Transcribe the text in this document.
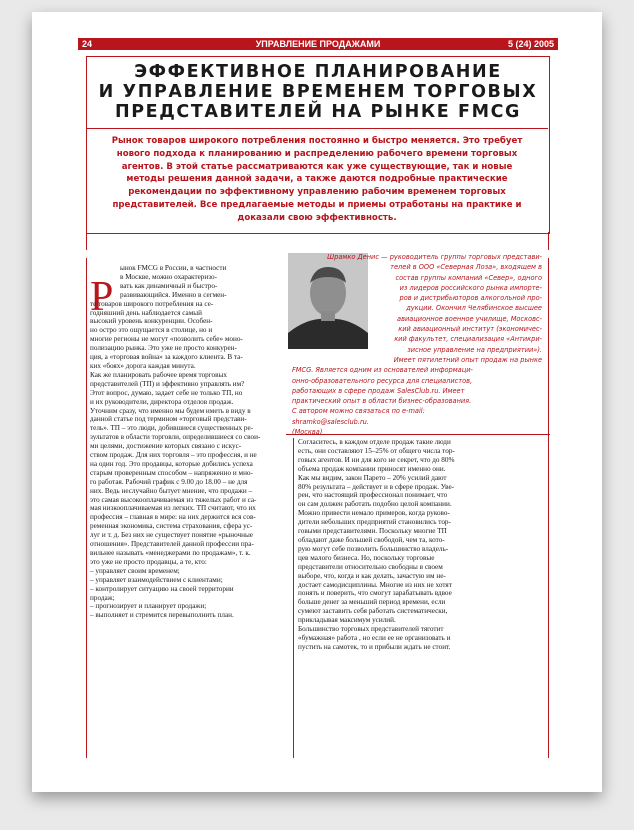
24	УПРАВЛЕНИЕ ПРОДАЖАМИ	5 (24) 2005
ЭФФЕКТИВНОЕ ПЛАНИРОВАНИЕ
И УПРАВЛЕНИЕ ВРЕМЕНЕМ ТОРГОВЫХ
ПРЕДСТАВИТЕЛЕЙ НА РЫНКЕ FMCG

Рынок товаров широкого потребления постоянно и быстро меняется. Это требует
нового подхода к планированию и распределению рабочего времени торговых
агентов. В этой статье рассматриваются как уже существующие, так и новые
методы решения данной задачи, а также даются подробные практические
рекомендации по эффективному управлению рабочим временем торговых
представителей. Все предлагаемые методы и приемы отработаны на практике и
доказали свою эффективность.

Шрамко Денис — руководитель группы торговых представи-
телей в ООО «Северная Лоза», входящем в
состав группы компаний «Север», одного
из лидеров российского рынка импорте-
ров и дистрибьюторов алкогольной про-
дукции. Окончил Челябинское высшее
авиационное военное училище, Московс-
кий авиационный институт (экономичес-
кий факультет, специализация «Антикри-
зисное управление на предприятии»).
Имеет пятилетний опыт продаж на рынке
FMCG. Является одним из основателей информаци-
онно-образовательного ресурса для специалистов,
работающих в сфере продаж SalesClub.ru. Имеет
практический опыт в области бизнес-образования.
С автором можно связаться по e-mail:
shramko@salesclub.ru.
(Москва)

Р

ынок FMCG в России, в частности
в Москве, можно охарактеризо-
вать как динамичный и быстро-
развивающийся. Именно в сегмен-
те товаров широкого потребления на се-
годняшний день наблюдается самый
высокий уровень конкуренции. Особен-
но остро это ощущается в столице, но и
многие регионы не могут «позволить себе» моно-
полизацию рынка. Это уже не просто конкурен-
ция, а «торговая война» за каждого клиента. В та-
ких «боях» дорога каждая минута.
Как же планировать рабочее время торговых
представителей (ТП) и эффективно управлять им?
Этот вопрос, думаю, задает себе не только ТП, но
и их руководители, директора отделов продаж.
Уточним сразу, что именно мы будем иметь в виду в
данной статье под термином «торговый представи-
тель». ТП – это люди, добившиеся существенных ре-
зультатов в области торговли, определившиеся со свои-
ми целями, достижение которых связано с искус-
ством продаж. Для них торговля – это профессия, и не
на один год. Это продавцы, которые добились успеха
старым проверенным способом – напряженно и мно-
го работая. Рабочий график с 9.00 до 18.00 – не для
них. Ведь неслучайно бытует мнение, что продажи –
это самая высокооплачиваемая из тяжелых работ и са-
мая низкооплачиваемая из легких. ТП считают, что их
профессия – главная в мире: на них держится вся сов-
ременная экономика, система страхования, сфера ус-
луг и т. д. Без них не существует понятие «рыночные
отношения». Представителей данной профессии пра-
вильнее называть «менеджерами по продажам», т. к.
это уже не просто продавцы, а те, кто:
– управляет своим временем;
– управляет взаимодействием с клиентами;
– контролирует ситуацию на своей территории
продаж;
– прогнозирует и планирует продажи;
– выполняет и стремится перевыполнить план.

Согласитесь, в каждом отделе продаж такие люди
есть, они составляют 15–25% от общего числа тор-
говых агентов. И ни для кого не секрет, что до 80%
объема продаж компании приносят именно они.
Как мы видим, закон Парето – 20% усилий дают
80% результата – действует и в сфере продаж. Уве-
рен, что настоящий профессионал понимает, что
он сам должен работать подобно целой компании.
Можно привести немало примеров, когда руково-
дители небольших предприятий становились тор-
говыми представителями. Поскольку многие ТП
обладают даже большей свободой, чем та, кото-
рую могут себе позволить большинство владель-
цев малого бизнеса. Но, поскольку торговые
представители относительно свободны в своем
выборе, что, когда и как делать, зачастую им не-
достает самодисциплины. Многие из них не хотят
понять и поверить, что смогут зарабатывать вдвое
больше денег за меньший период времени, если
сумеют заставить себя работать систематически,
прикладывая максимум усилий.
Большинство торговых представителей тяготит
«бумажная» работа , но если ее не организовать и
пустить на самотек, то и прибыли ждать не стоит.
